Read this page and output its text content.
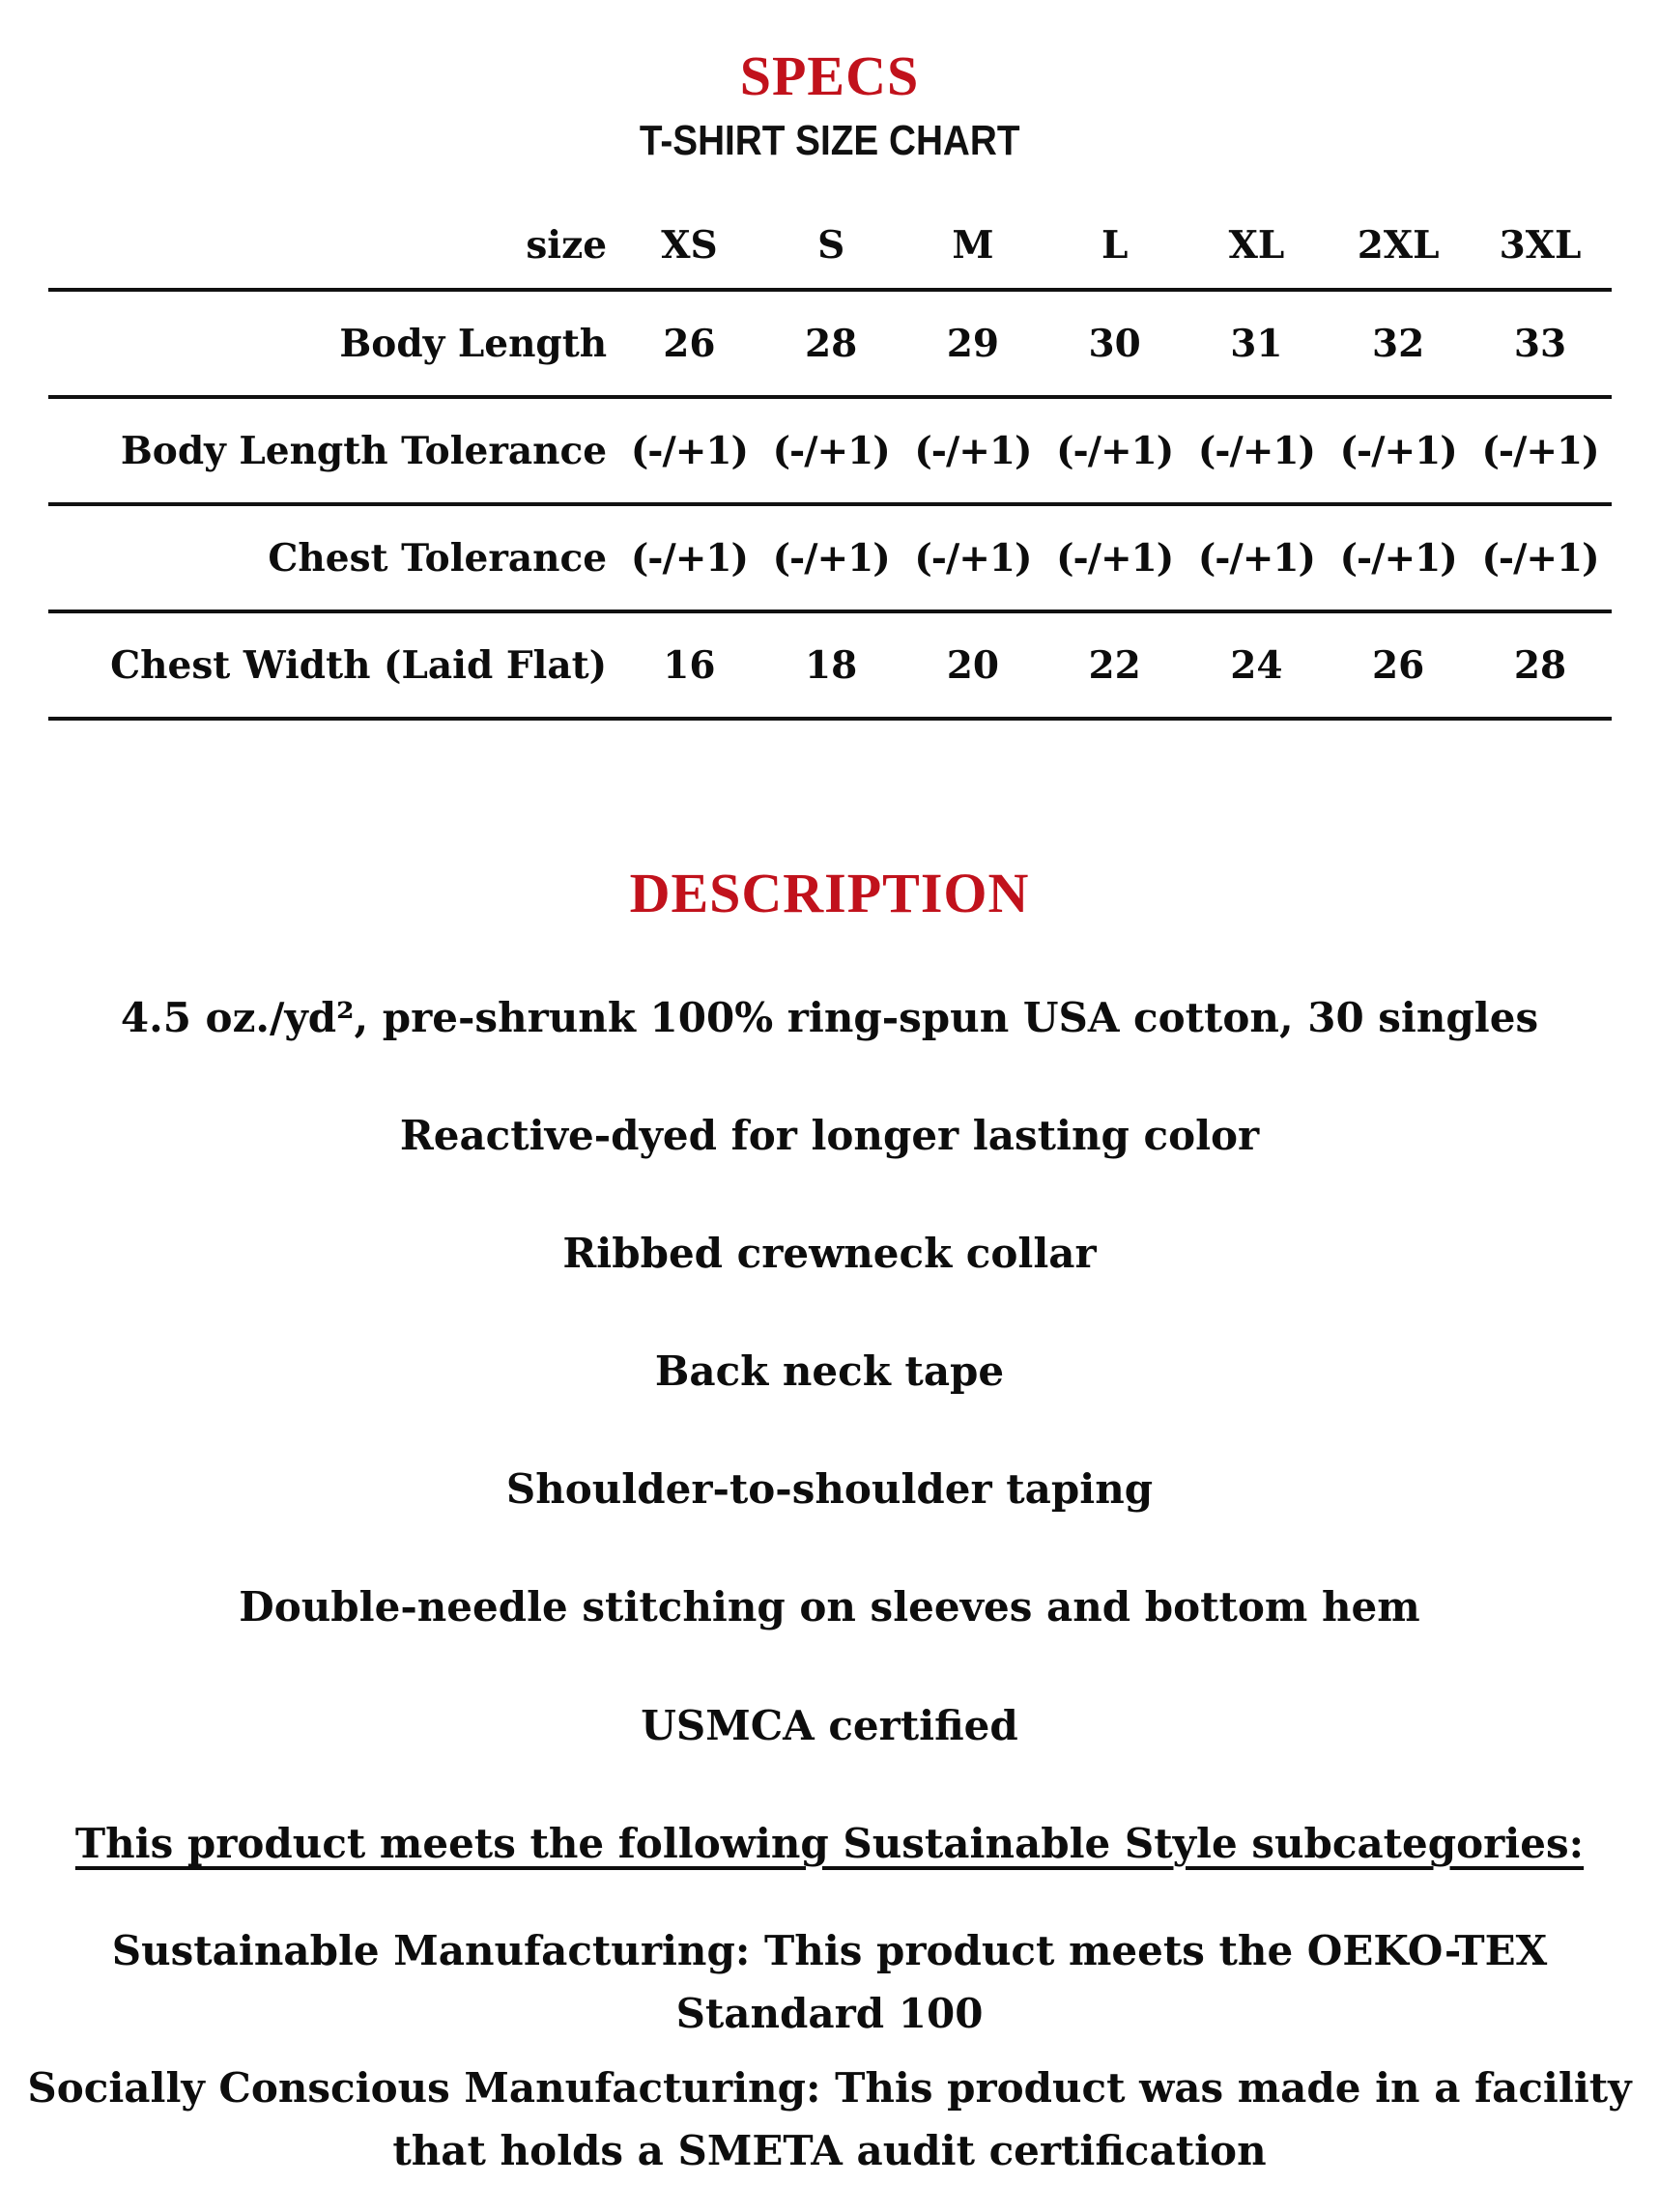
SPECS
T-SHIRT SIZE CHART
size	XS	S	M	L	XL	2XL	3XL
Body Length	26	28	29	30	31	32	33
Body Length Tolerance	(-/+1)	(-/+1)	(-/+1)	(-/+1)	(-/+1)	(-/+1)	(-/+1)
Chest Tolerance	(-/+1)	(-/+1)	(-/+1)	(-/+1)	(-/+1)	(-/+1)	(-/+1)
Chest Width (Laid Flat)	16	18	20	22	24	26	28
DESCRIPTION
4.5 oz./yd², pre-shrunk 100% ring-spun USA cotton, 30 singles
Reactive-dyed for longer lasting color
Ribbed crewneck collar
Back neck tape
Shoulder-to-shoulder taping
Double-needle stitching on sleeves and bottom hem
USMCA certified
This product meets the following Sustainable Style subcategories:
Sustainable Manufacturing: This product meets the OEKO-TEX Standard 100
Socially Conscious Manufacturing: This product was made in a facility that holds a SMETA audit certification
